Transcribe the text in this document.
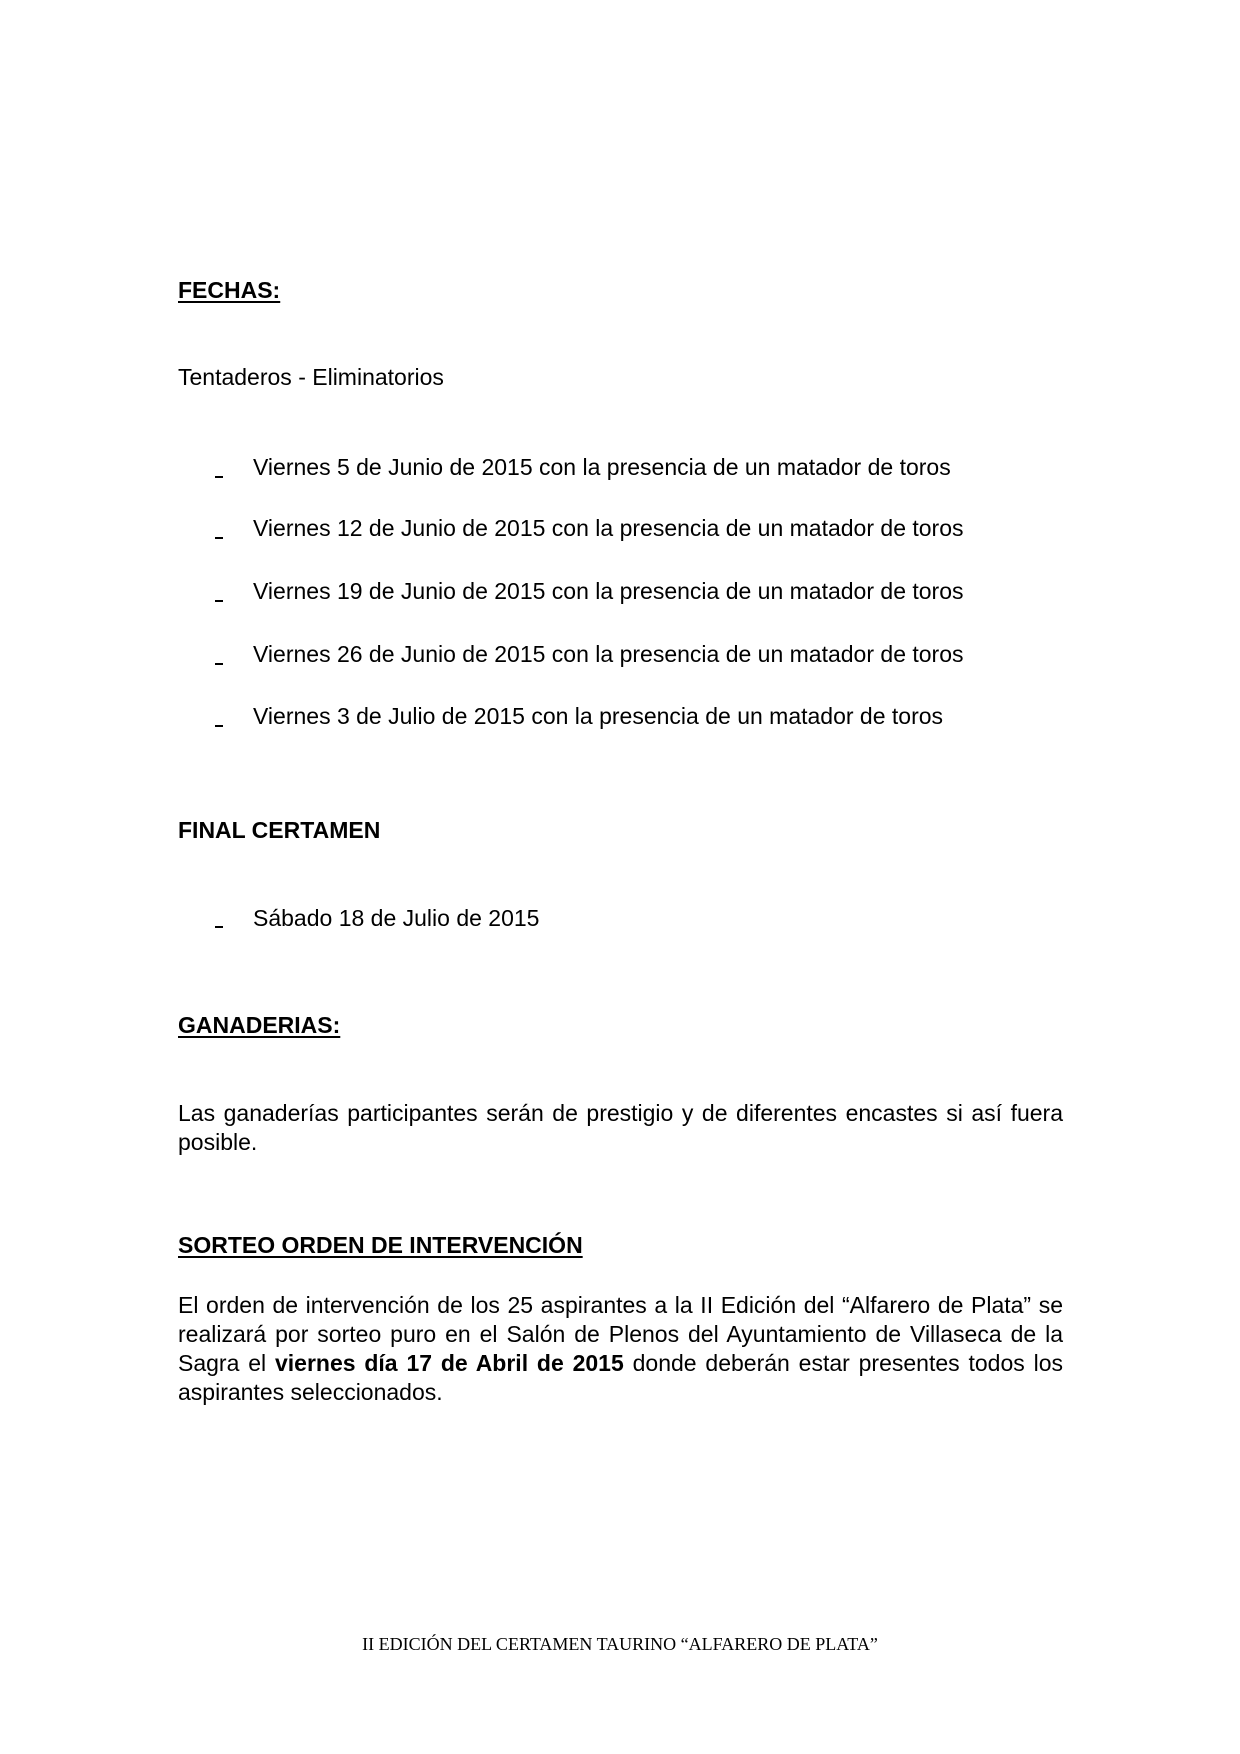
FECHAS:
Tentaderos - Eliminatorios
Viernes 5 de Junio de 2015 con la presencia de un matador de toros
Viernes 12 de Junio de 2015 con la presencia de un matador de toros
Viernes 19 de Junio de 2015 con la presencia de un matador de toros
Viernes 26 de Junio de 2015 con la presencia de un matador de toros
Viernes 3 de Julio de 2015 con la presencia de un matador de toros
FINAL CERTAMEN
Sábado 18 de Julio de 2015
GANADERIAS:
Las ganaderías participantes serán de prestigio y de diferentes encastes si así fuera posible.
SORTEO ORDEN DE INTERVENCIÓN
El orden de intervención de los 25 aspirantes a la II Edición del “Alfarero de Plata” se realizará por sorteo puro en el Salón de Plenos del Ayuntamiento de Villaseca de la Sagra el viernes día 17 de Abril de 2015 donde deberán estar presentes todos los aspirantes seleccionados.
II EDICIÓN DEL CERTAMEN TAURINO “ALFARERO DE PLATA”
